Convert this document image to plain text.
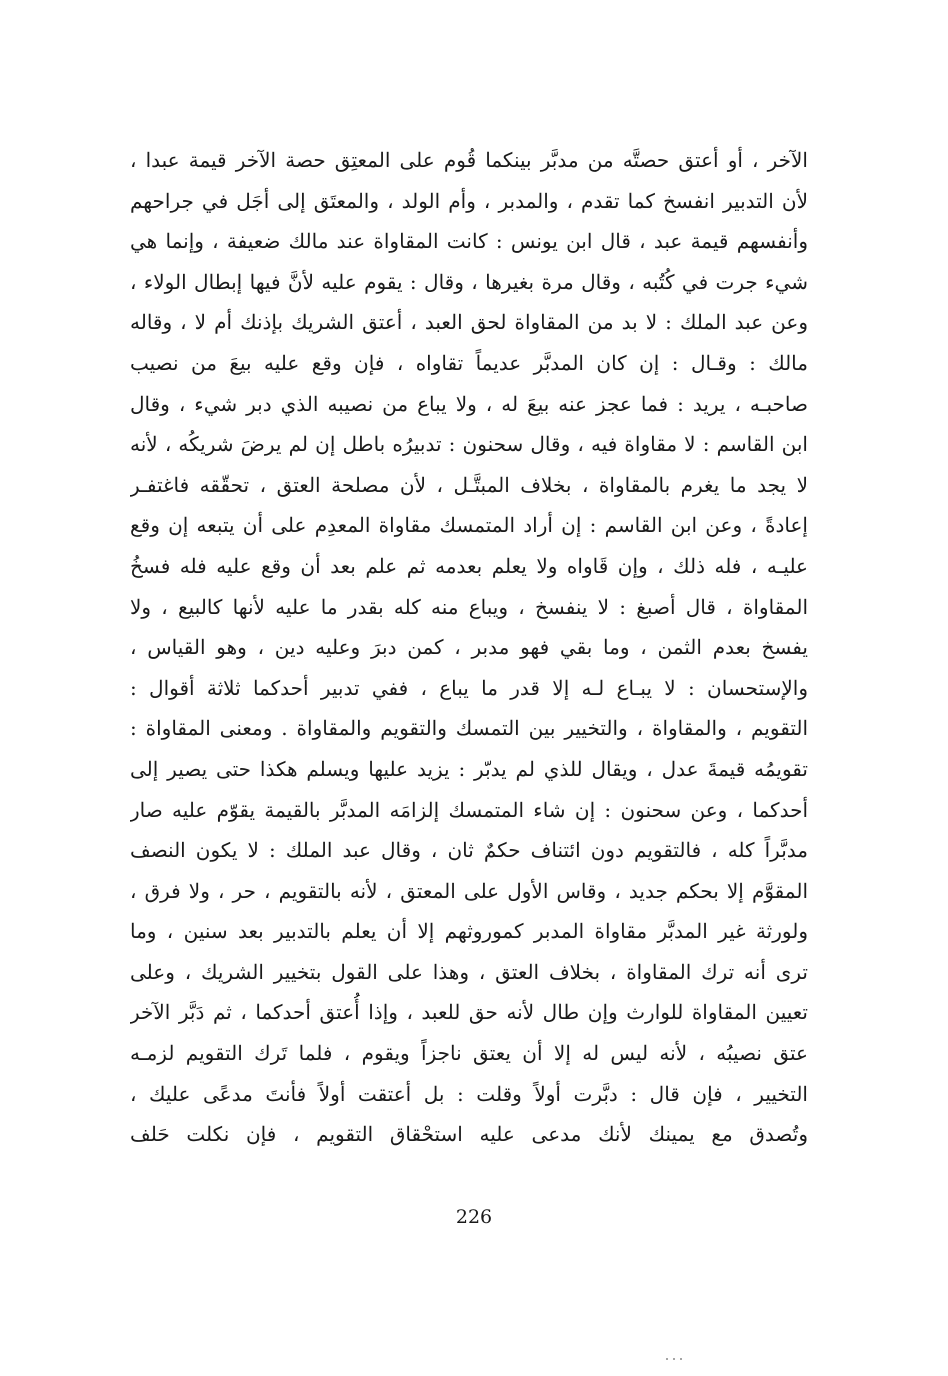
الآخر ، أو أعتق حصتَّه من مدبَّر بينكما قُوم على المعتِق حصة الآخر قيمة عبدا ،
لأن التدبير انفسخ كما تقدم ، والمدبر ، وأم الولد ، والمعتَق إلى أجَل في جراحهم
وأنفسهم قيمة عبد ، قال ابن يونس : كانت المقاواة عند مالك ضعيفة ، وإنما هي
شيء جرت في كُتُبه ، وقال مرة بغيرها ، وقال : يقوم عليه لأنَّ فيها إبطال الولاء ،
وعن عبد الملك : لا بد من المقاواة لحق العبد ، أعتق الشريك بإذنك أم لا ، وقاله
مالك : وقـال : إن كان المدبَّر عديماً تقاواه ، فإن وقع عليه بيعَ من نصيب
صاحبـه ، يريد : فما عجز عنه بيعَ له ، ولا يباع من نصيبه الذي دبر شيء ، وقال
ابن القاسم : لا مقاواة فيه ، وقال سحنون : تدبيرُه باطل إن لم يرضَ شريكُه ، لأنه
لا يجد ما يغرم بالمقاواة ، بخلاف المبتَّـل ، لأن مصلحة العتق ، تحقّقه فاغتفـر
إعادةً ، وعن ابن القاسم : إن أراد المتمسك مقاواة المعدِم على أن يتبعه إن وقع
عليـه ، فله ذلك ، وإن قَاواه ولا يعلم بعدمه ثم علم بعد أن وقع عليه فله فسخُ
المقاواة ، قال أصبغ : لا ينفسخ ، ويباع منه كله بقدر ما عليه لأنها كالبيع ، ولا
يفسخ بعدم الثمن ، وما بقي فهو مدبر ، كمن دبرَ وعليه دين ، وهو القياس ،
والإستحسان : لا يبـاع لـه إلا قدر ما يباع ، ففي تدبير أحدكما ثلاثة أقوال :
التقويم ، والمقاواة ، والتخيير بين التمسك والتقويم والمقاواة . ومعنى المقاواة :
تقويمُه قيمةَ عدل ، ويقال للذي لم يدبّر : يزيد عليها ويسلم هكذا حتى يصير إلى
أحدكما ، وعن سحنون : إن شاء المتمسك إلزامَه المدبَّر بالقيمة يقوّم عليه صار
مدبَّراً كله ، فالتقويم دون ائتناف حكمٌ ثان ، وقال عبد الملك : لا يكون النصف
المقوَّم إلا بحكم جديد ، وقاس الأول على المعتق ، لأنه بالتقويم ، حر ، ولا فرق ،
ولورثة غير المدبَّر مقاواة المدبر كموروثهم إلا أن يعلم بالتدبير بعد سنين ، وما
ترى أنه ترك المقاواة ، بخلاف العتق ، وهذا على القول بتخيير الشريك ، وعلى
تعيين المقاواة للوارث وإن طال لأنه حق للعبد ، وإذا أُعتق أحدكما ، ثم دَبَّر الآخر
عتق نصيبُه ، لأنه ليس له إلا أن يعتق ناجزاً ويقوم ، فلما تَرك التقويم لزمـه
التخيير ، فإن قال : دبَّرت أولاً وقلت : بل أعتقت أولاً فأنتَ مدعًى عليك ،
وتُصدق مع يمينك لأنك مدعى عليه استحْقاق التقويم ، فإن نكلت حَلف
226
